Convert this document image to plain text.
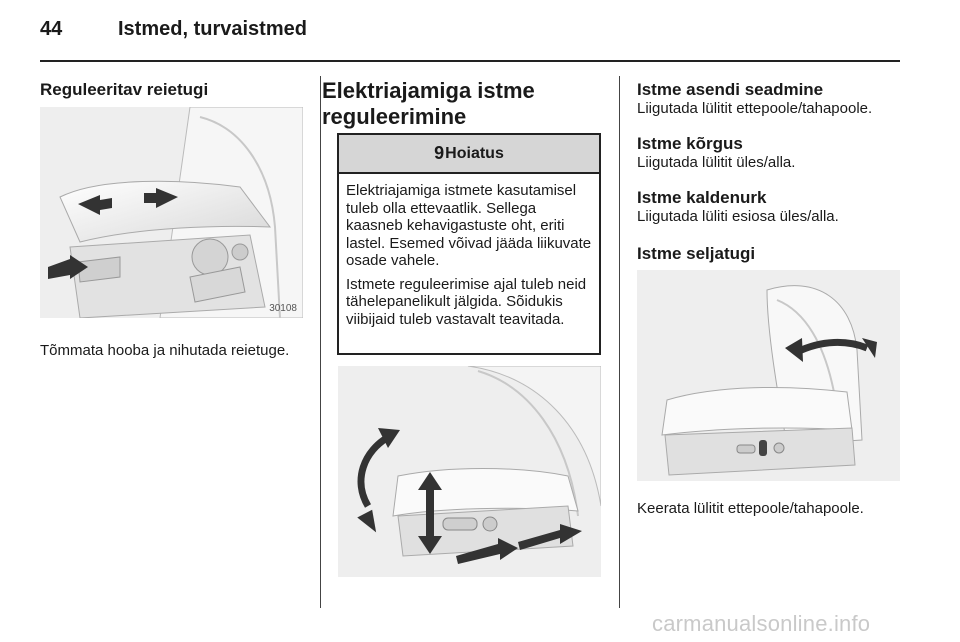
44	Istmed, turvaistmed
Reguleeritav reietugi
30108
Tõmmata hooba ja nihutada reietuge.
Elektriajamiga istme
reguleerimine
9 Hoiatus

Elektriajamiga istmete kasutamisel tuleb olla ettevaatlik. Sellega kaasneb kehavigastuste oht, eriti lastel. Esemed võivad jääda liikuvate osade vahele.

Istmete reguleerimise ajal tuleb neid tähelepanelikult jälgida. Sõidukis viibijaid tuleb vastavalt teavitada.

Istme asendi seadmine
Liigutada lülitit ettepoole/tahapoole.
Istme kõrgus
Liigutada lülitit üles/alla.
Istme kaldenurk
Liigutada lüliti esiosa üles/alla.
Istme seljatugi
Keerata lülitit ettepoole/tahapoole.
carmanualsonline.info
